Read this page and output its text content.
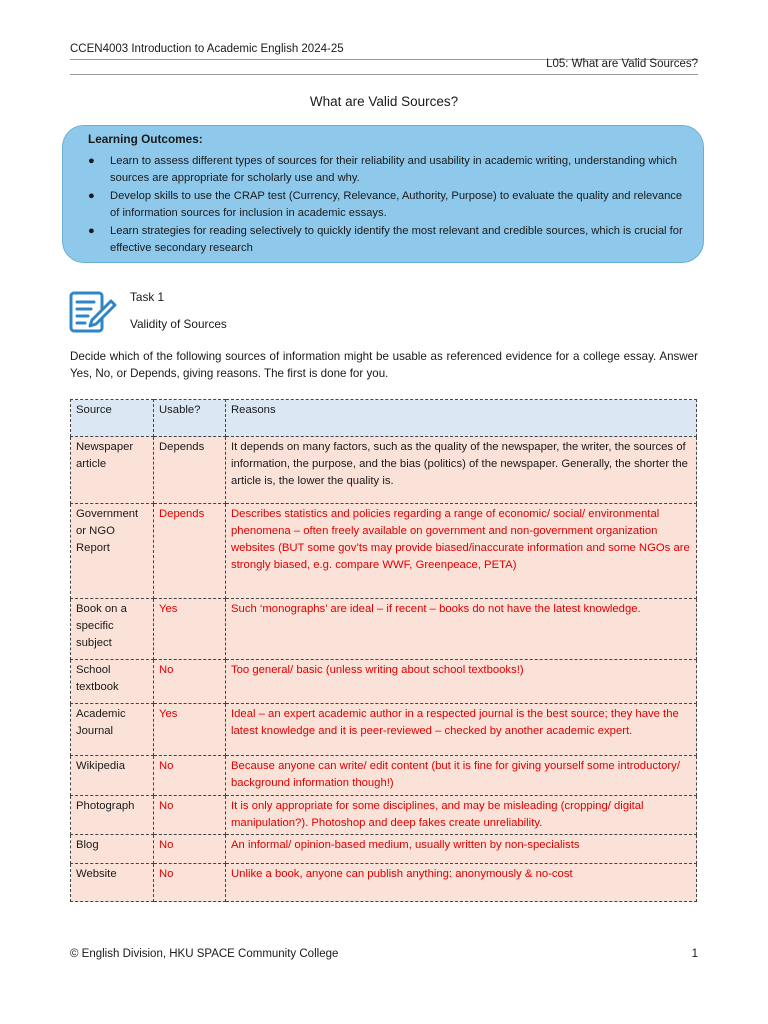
CCEN4003 Introduction to Academic English 2024-25
L05: What are Valid Sources?
What are Valid Sources?
Learning Outcomes:
● Learn to assess different types of sources for their reliability and usability in academic writing, understanding which sources are appropriate for scholarly use and why.
● Develop skills to use the CRAP test (Currency, Relevance, Authority, Purpose) to evaluate the quality and relevance of information sources for inclusion in academic essays.
● Learn strategies for reading selectively to quickly identify the most relevant and credible sources, which is crucial for effective secondary research
Task 1
Validity of Sources
Decide which of the following sources of information might be usable as referenced evidence for a college essay. Answer Yes, No, or Depends, giving reasons. The first is done for you.
Source	Usable?	Reasons
Newspaper article	Depends	It depends on many factors, such as the quality of the newspaper, the writer, the sources of information, the purpose, and the bias (politics) of the newspaper. Generally, the shorter the article is, the lower the quality is.
Government or NGO Report	Depends	Describes statistics and policies regarding a range of economic/ social/ environmental phenomena – often freely available on government and non-government organization websites (BUT some gov’ts may provide biased/inaccurate information and some NGOs are strongly biased, e.g. compare WWF, Greenpeace, PETA)
Book on a specific subject	Yes	Such ‘monographs’ are ideal – if recent – books do not have the latest knowledge.
School textbook	No	Too general/ basic (unless writing about school textbooks!)
Academic Journal	Yes	Ideal – an expert academic author in a respected journal is the best source; they have the latest knowledge and it is peer-reviewed – checked by another academic expert.
Wikipedia	No	Because anyone can write/ edit content (but it is fine for giving yourself some introductory/ background information though!)
Photograph	No	It is only appropriate for some disciplines, and may be misleading (cropping/ digital manipulation?). Photoshop and deep fakes create unreliability.
Blog	No	An informal/ opinion-based medium, usually written by non-specialists
Website	No	Unlike a book, anyone can publish anything: anonymously & no-cost
© English Division, HKU SPACE Community College	1
